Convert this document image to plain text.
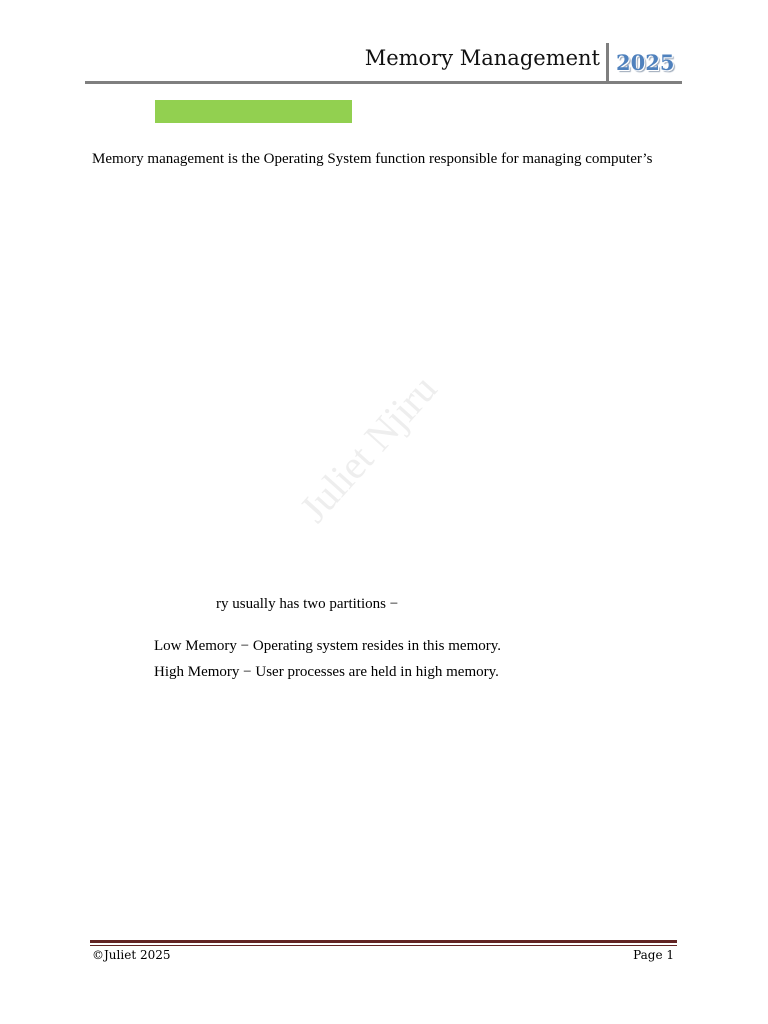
Memory Management 2025
Memory management is the Operating System function responsible for managing computer’s
Juliet Njiru
ry usually has two partitions −
Low Memory − Operating system resides in this memory.
High Memory − User processes are held in high memory.
©Juliet 2025	Page 1
